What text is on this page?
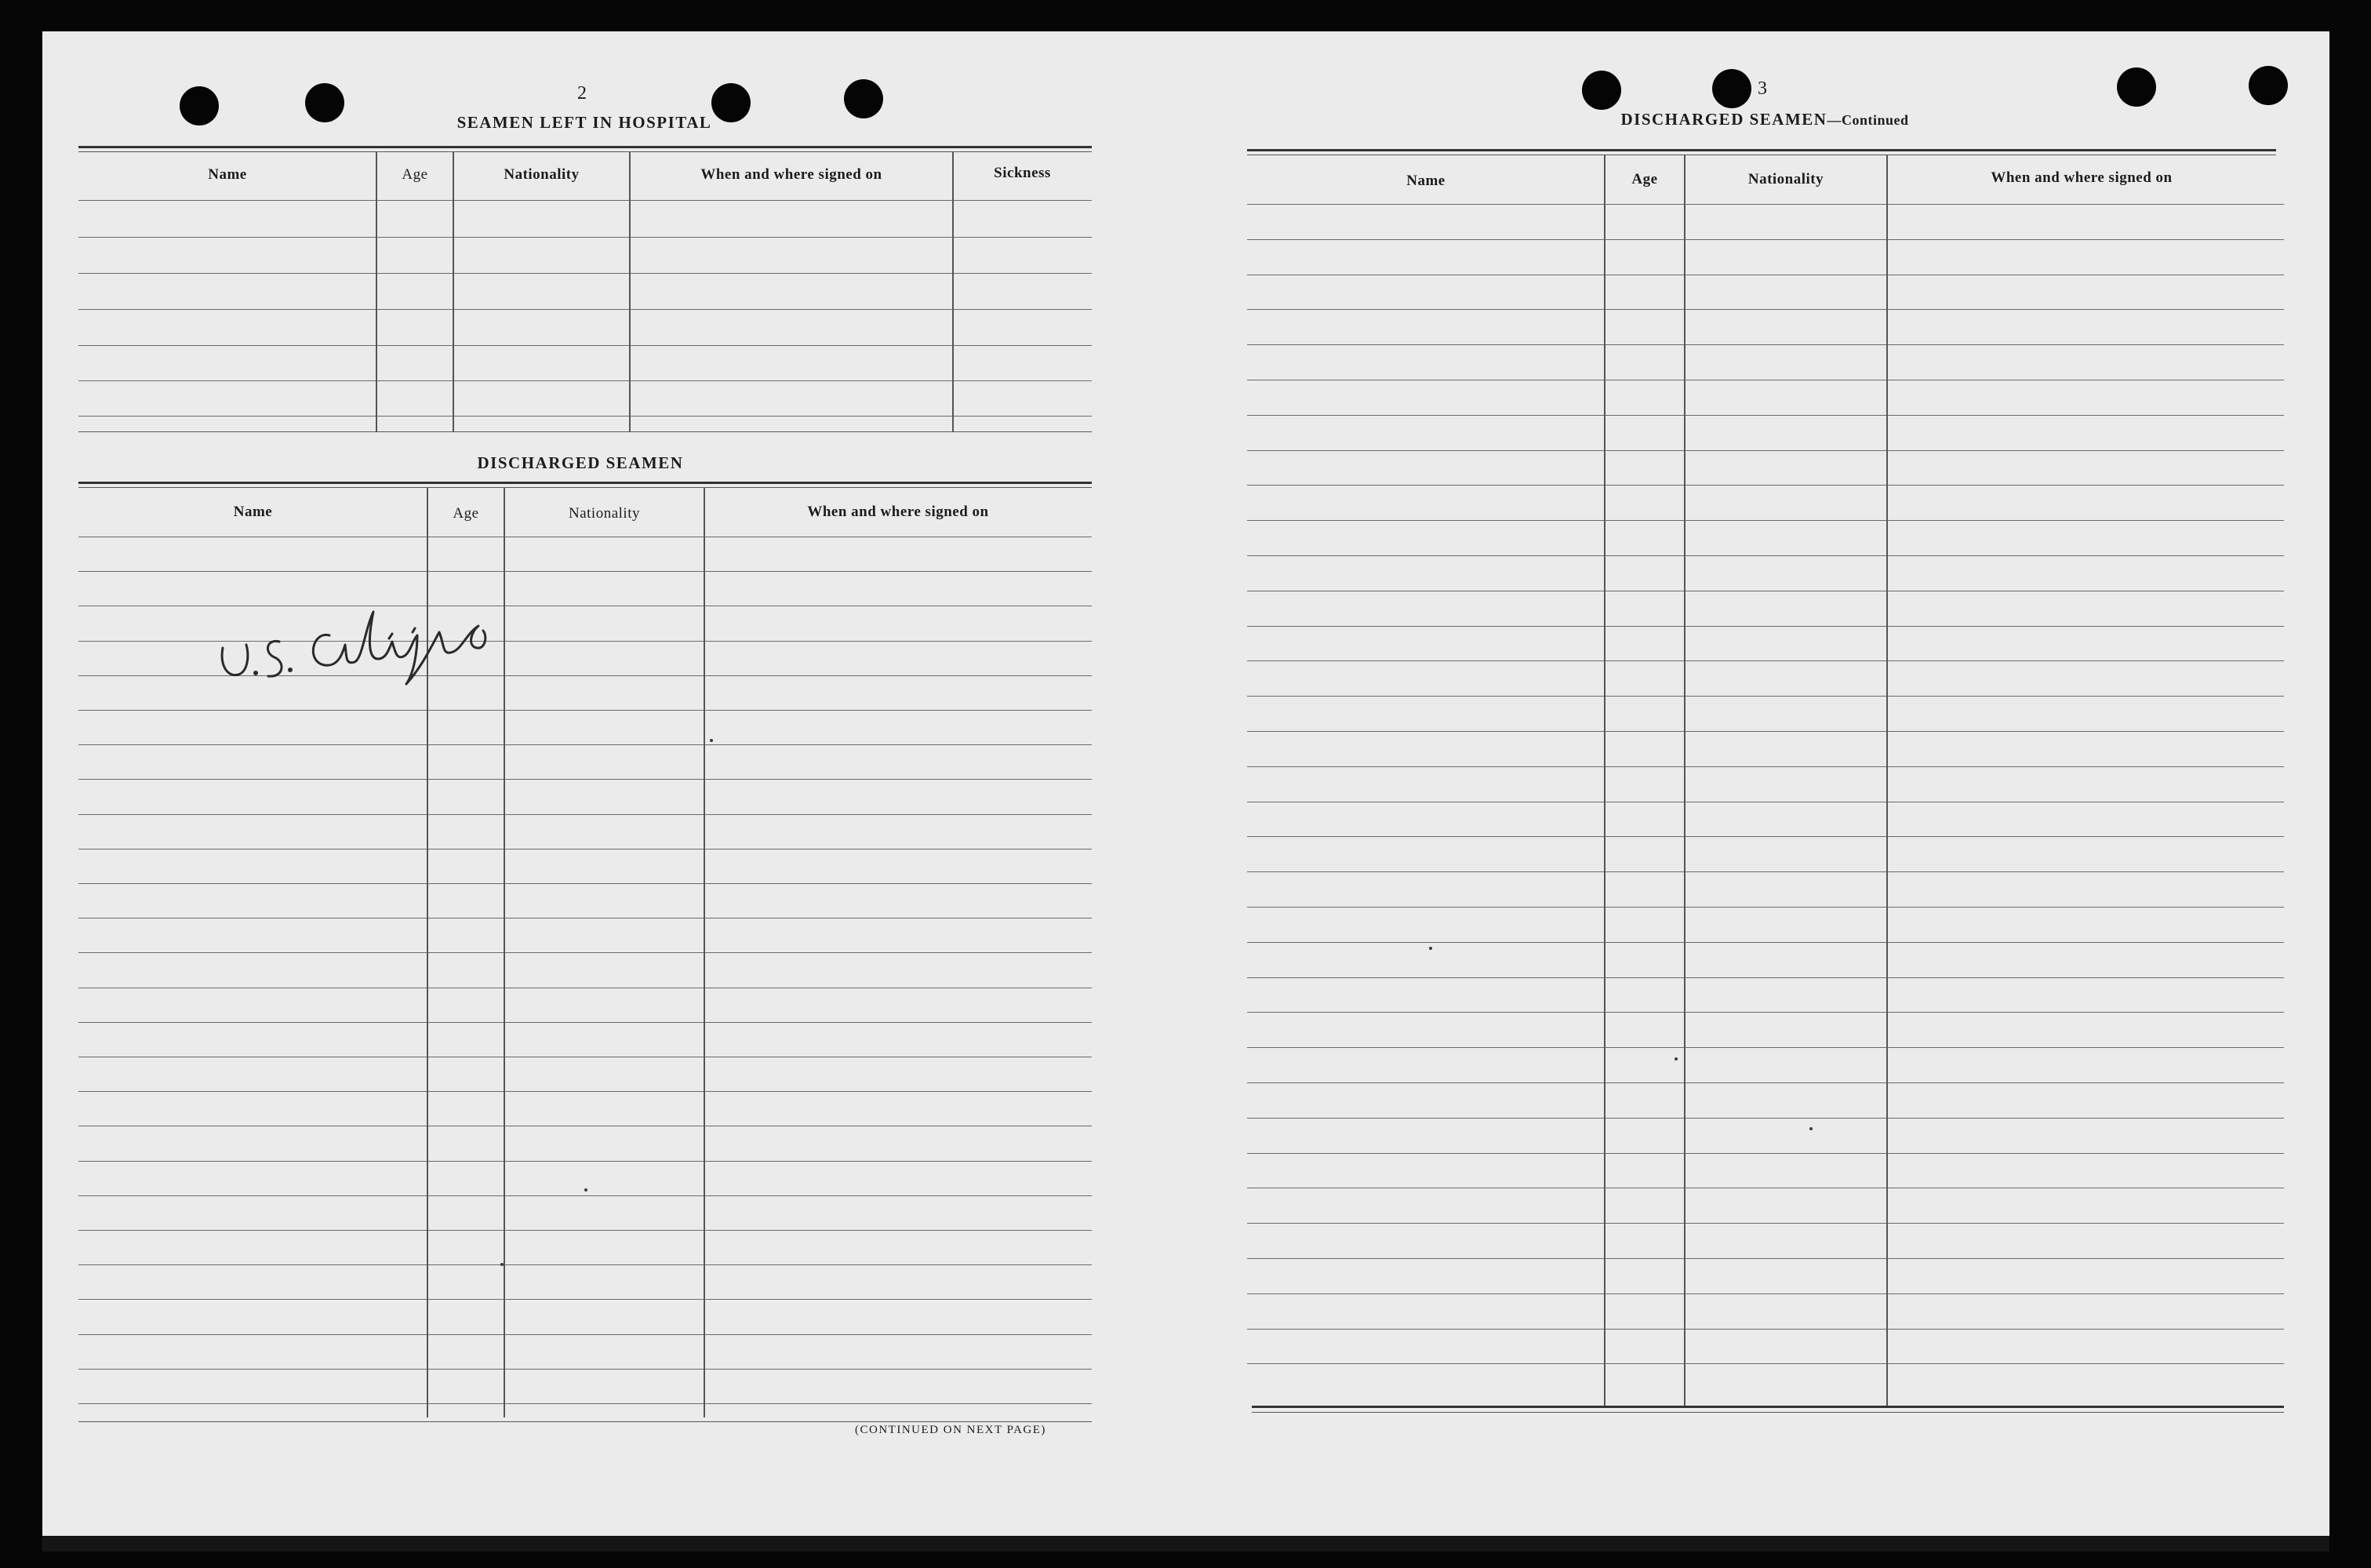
2
SEAMEN LEFT IN HOSPITAL
Name	Age	Nationality	When and where signed on	Sickness
DISCHARGED SEAMEN
Name	Age	Nationality	When and where signed on
U.S. Citizens
(CONTINUED ON NEXT PAGE)
3
DISCHARGED SEAMEN—Continued
Name	Age	Nationality	When and where signed on
